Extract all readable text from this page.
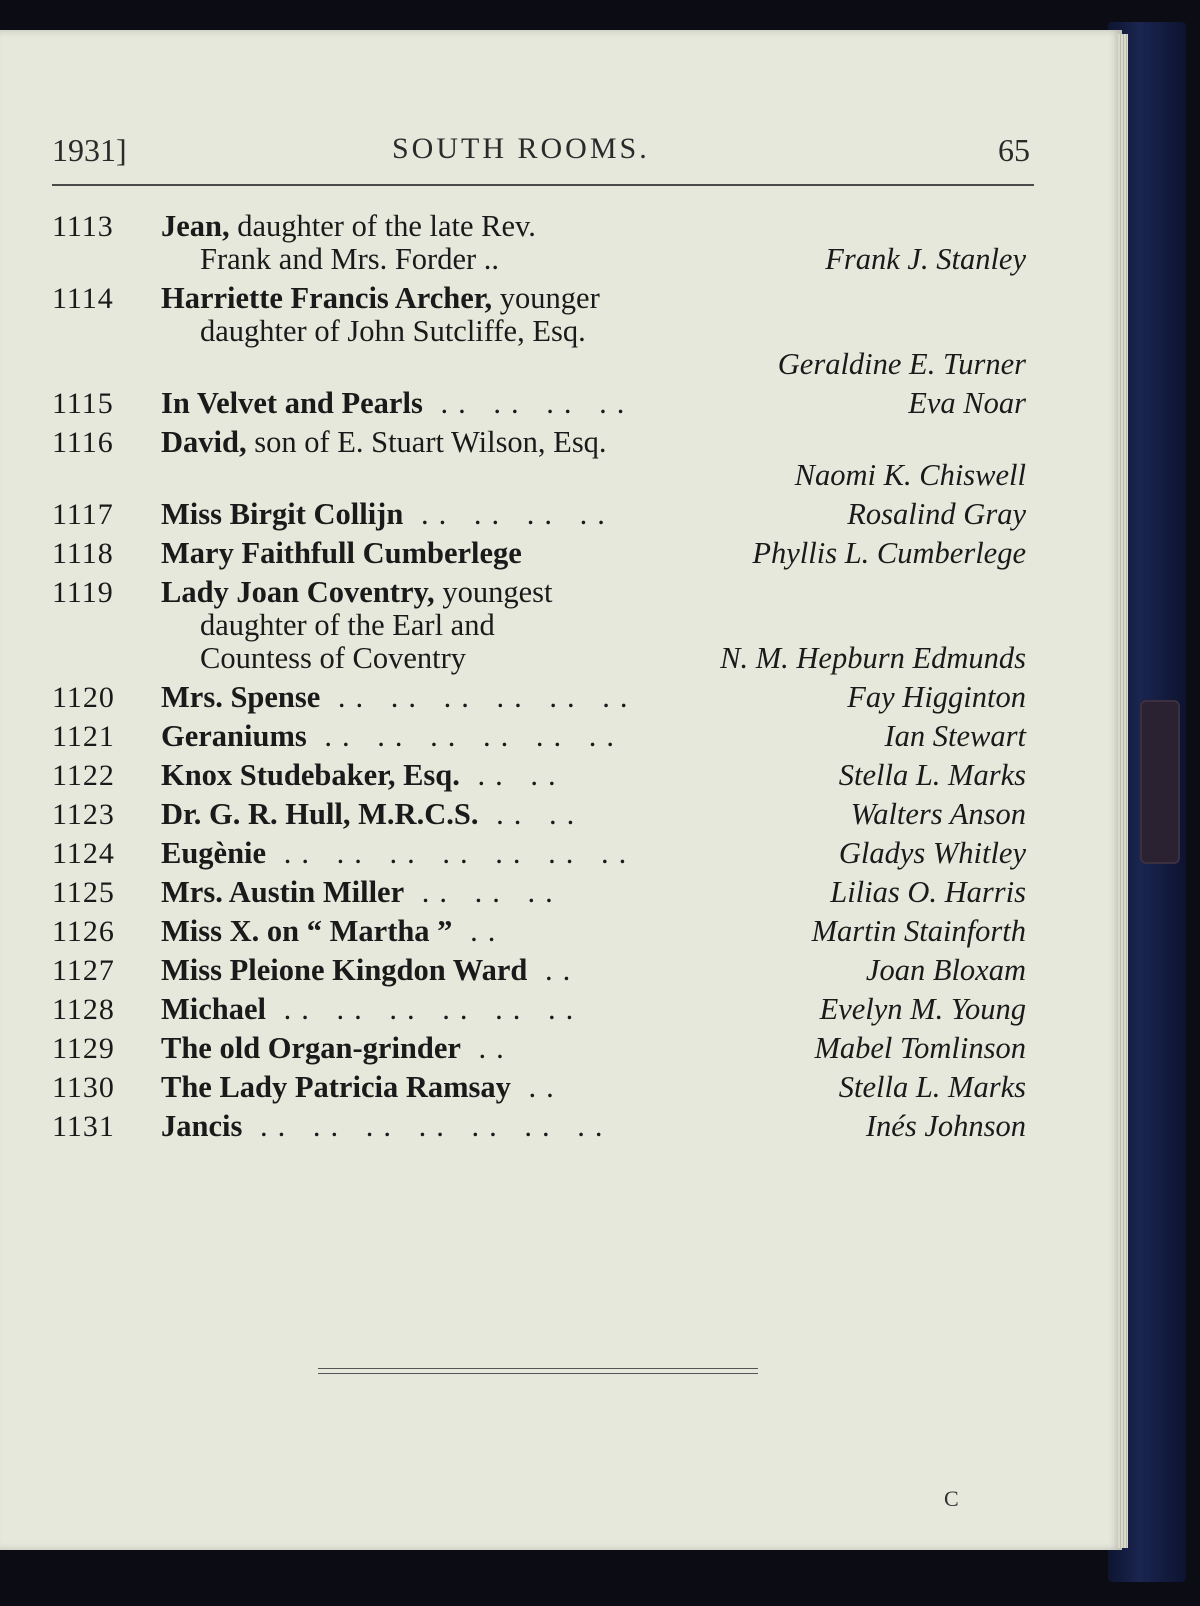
1931]	SOUTH ROOMS.	65
1113	Jean, daughter of the late Rev.
Frank and Mrs. Forder ..	Frank J. Stanley
1114	Harriette Francis Archer, younger
daughter of John Sutcliffe, Esq.
Geraldine E. Turner
1115	In Velvet and Pearls .. .. .. ..	Eva Noar
1116	David, son of E. Stuart Wilson, Esq.
Naomi K. Chiswell
1117	Miss Birgit Collijn .. .. .. ..	Rosalind Gray
1118	Mary Faithfull Cumberlege	Phyllis L. Cumberlege
1119	Lady Joan Coventry, youngest
daughter of the Earl and
Countess of Coventry	N. M. Hepburn Edmunds
1120	Mrs. Spense .. .. .. .. .. ..	Fay Higginton
1121	Geraniums .. .. .. .. .. ..	Ian Stewart
1122	Knox Studebaker, Esq. .. ..	Stella L. Marks
1123	Dr. G. R. Hull, M.R.C.S. .. ..	Walters Anson
1124	Eugènie .. .. .. .. .. .. ..	Gladys Whitley
1125	Mrs. Austin Miller .. .. ..	Lilias O. Harris
1126	Miss X. on “ Martha ” ..	Martin Stainforth
1127	Miss Pleione Kingdon Ward ..	Joan Bloxam
1128	Michael .. .. .. .. .. ..	Evelyn M. Young
1129	The old Organ-grinder ..	Mabel Tomlinson
1130	The Lady Patricia Ramsay ..	Stella L. Marks
1131	Jancis .. .. .. .. .. .. ..	Inés Johnson
C
